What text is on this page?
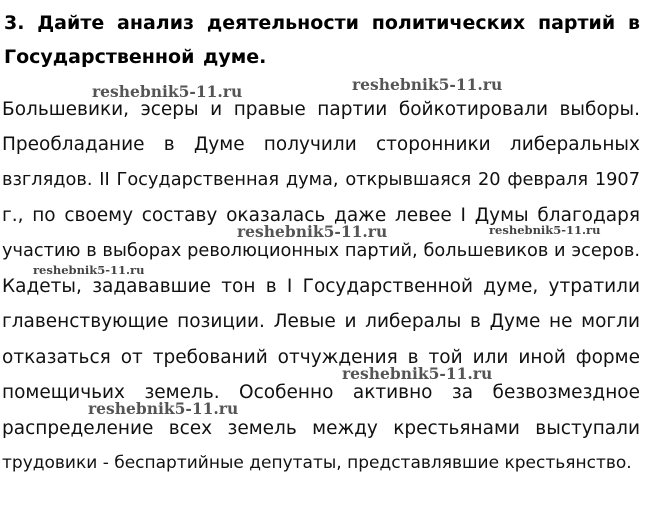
3. Дайте анализ деятельности политических партий в
Государственной думе.
Большевики, эсеры и правые партии бойкотировали выборы.
Преобладание в Думе получили сторонники либеральных
взглядов. II Государственная дума, открывшаяся 20 февраля 1907
г., по своему составу оказалась даже левее I Думы благодаря
участию в выборах революционных партий, большевиков и эсеров.
Кадеты, задававшие тон в I Государственной думе, утратили
главенствующие позиции. Левые и либералы в Думе не могли
отказаться от требований отчуждения в той или иной форме
помещичьих земель. Особенно активно за безвозмездное
распределение всех земель между крестьянами выступали
трудовики - беспартийные депутаты, представлявшие крестьянство.
reshebnik5-11.ru	reshebnik5-11.ru
reshebnik5-11.ru	reshebnik5-11.ru
reshebnik5-11.ru
reshebnik5-11.ru
reshebnik5-11.ru
